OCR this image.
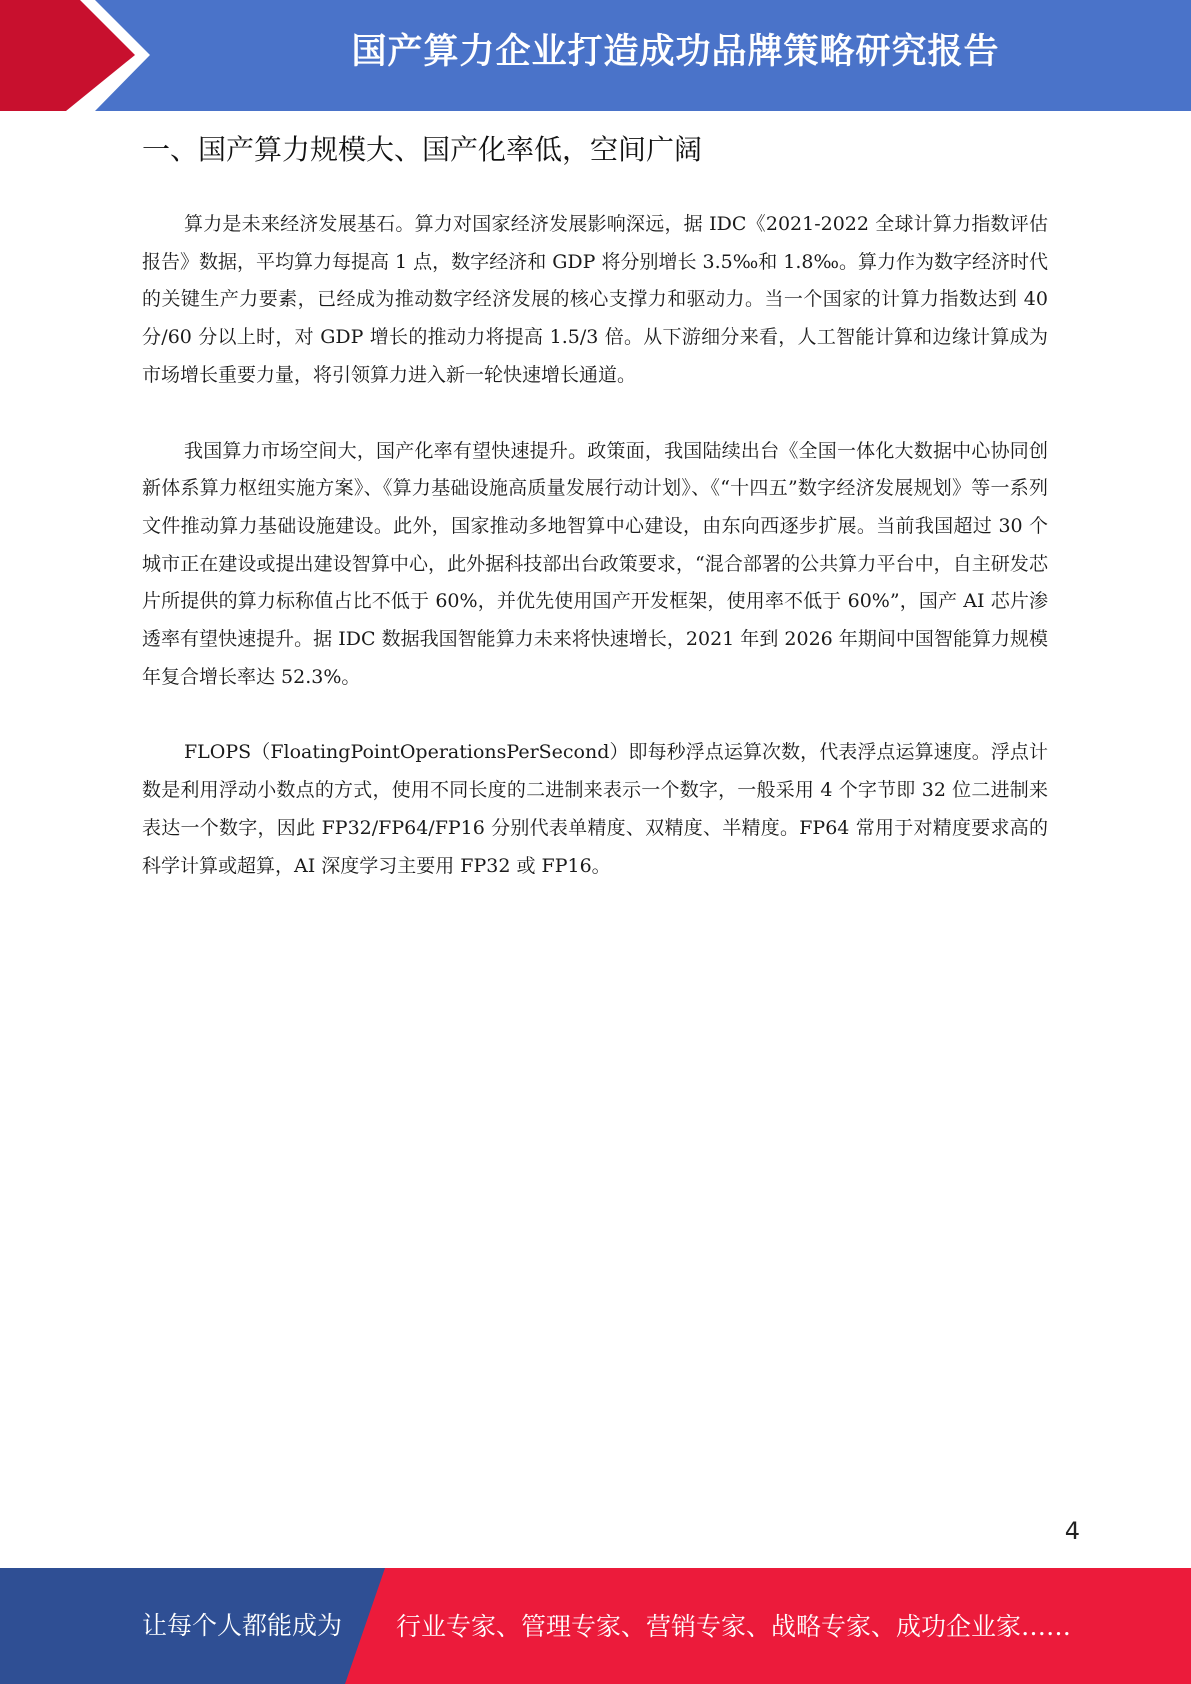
国产算力企业打造成功品牌策略研究报告
一、国产算力规模大、国产化率低，空间广阔

算力是未来经济发展基石。算力对国家经济发展影响深远，据 IDC《2021-2022 全球计算力指数评估报告》数据，平均算力每提高 1 点，数字经济和 GDP 将分别增长 3.5‰和 1.8‰。算力作为数字经济时代的关键生产力要素，已经成为推动数字经济发展的核心支撑力和驱动力。当一个国家的计算力指数达到 40 分/60 分以上时，对 GDP 增长的推动力将提高 1.5/3 倍。从下游细分来看，人工智能计算和边缘计算成为市场增长重要力量，将引领算力进入新一轮快速增长通道。

我国算力市场空间大，国产化率有望快速提升。政策面，我国陆续出台《全国一体化大数据中心协同创新体系算力枢纽实施方案》、《算力基础设施高质量发展行动计划》、《“十四五”数字经济发展规划》等一系列文件推动算力基础设施建设。此外，国家推动多地智算中心建设，由东向西逐步扩展。当前我国超过 30 个城市正在建设或提出建设智算中心，此外据科技部出台政策要求，“混合部署的公共算力平台中，自主研发芯片所提供的算力标称值占比不低于 60%，并优先使用国产开发框架，使用率不低于 60%”，国产 AI 芯片渗透率有望快速提升。据 IDC 数据我国智能算力未来将快速增长，2021 年到 2026 年期间中国智能算力规模年复合增长率达 52.3%。

FLOPS（FloatingPointOperationsPerSecond）即每秒浮点运算次数，代表浮点运算速度。浮点计数是利用浮动小数点的方式，使用不同长度的二进制来表示一个数字，一般采用 4 个字节即 32 位二进制来表达一个数字，因此 FP32/FP64/FP16 分别代表单精度、双精度、半精度。FP64 常用于对精度要求高的科学计算或超算，AI 深度学习主要用 FP32 或 FP16。

4
让每个人都能成为 行业专家、管理专家、营销专家、战略专家、成功企业家……
